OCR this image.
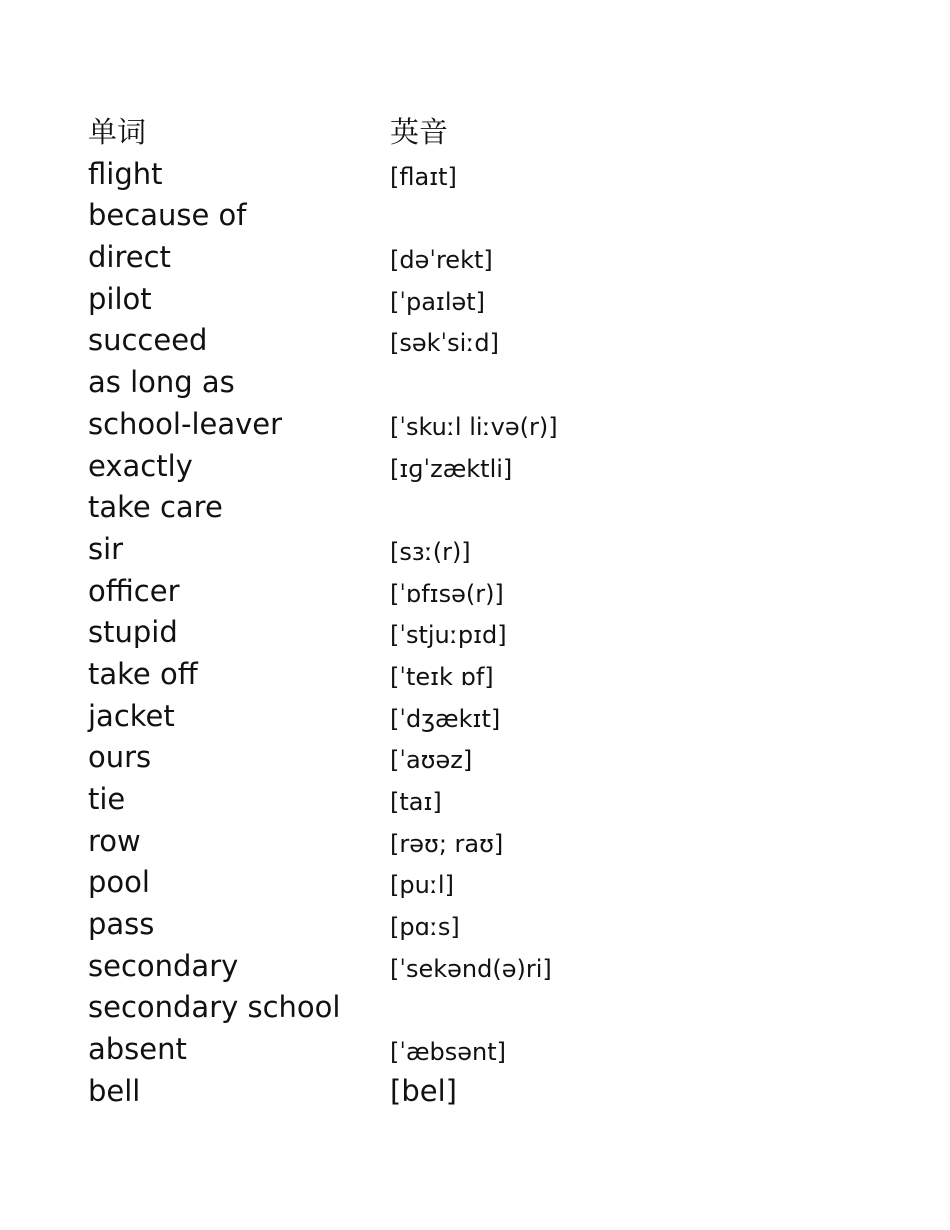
单词	英音
flight	[flaɪt]
because of
direct	[dəˈrekt]
pilot	[ˈpaɪlət]
succeed	[səkˈsiːd]
as long as
school-leaver	[ˈskuːl liːvə(r)]
exactly	[ɪɡˈzæktli]
take care
sir	[sɜː(r)]
officer	[ˈɒfɪsə(r)]
stupid	[ˈstjuːpɪd]
take off	[ˈteɪk ɒf]
jacket	[ˈdʒækɪt]
ours	[ˈaʊəz]
tie	[taɪ]
row	[rəʊ; raʊ]
pool	[puːl]
pass	[pɑːs]
secondary	[ˈsekənd(ə)ri]
secondary school
absent	[ˈæbsənt]
bell	[bel]
